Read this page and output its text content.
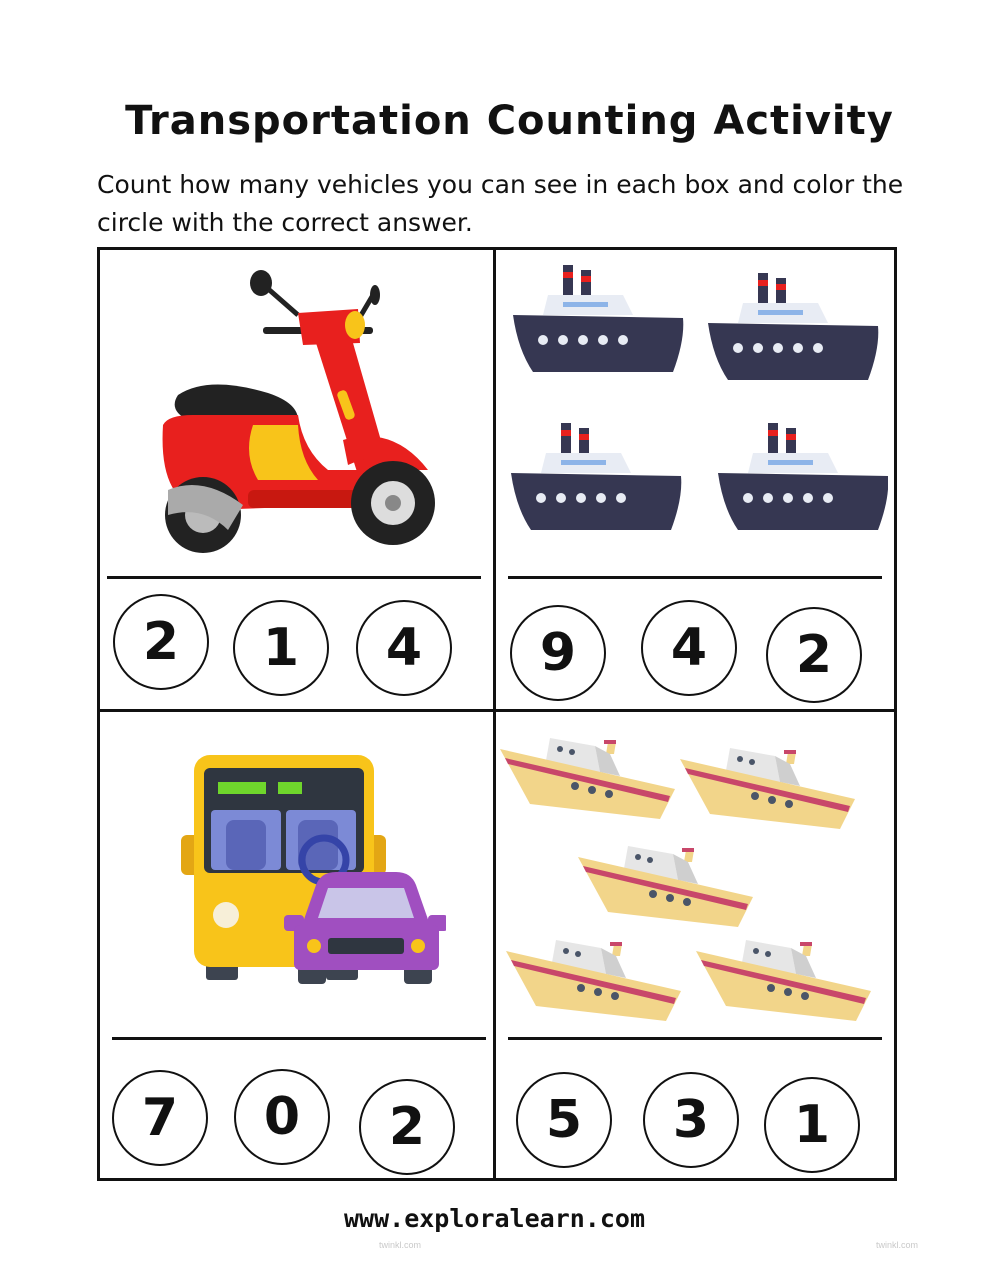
Transportation Counting Activity
Count how many vehicles you can see in each box and color the circle with the correct answer.
2	1	4	9	4	2
7	0	2	5	3	1
www.exploralearn.com
twinkl.com	twinkl.com
